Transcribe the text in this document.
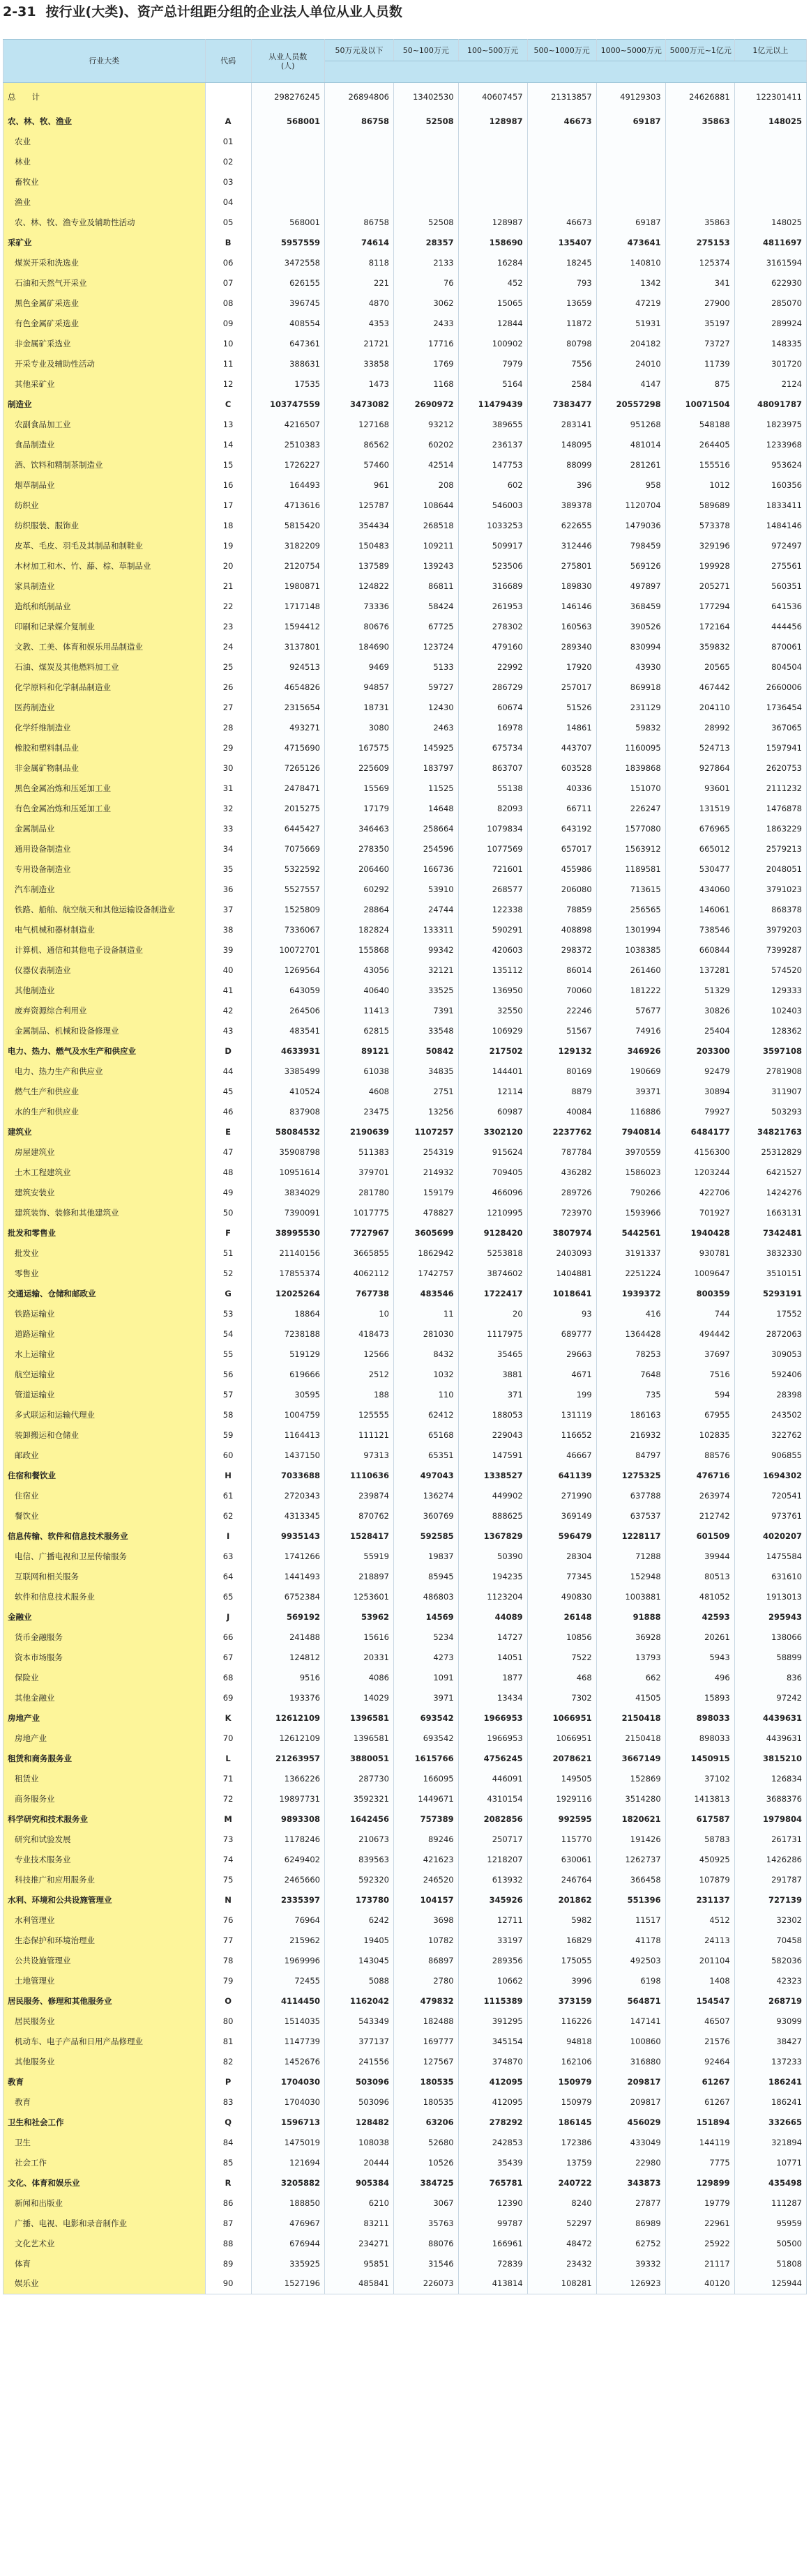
2-31 按行业(大类)、资产总计组距分组的企业法人单位从业人员数
行业大类	代码	从业人员数
(人)	50万元及以下	50~100万元	100~500万元	500~1000万元	1000~5000万元	5000万元~1亿元	1亿元以上

总　　计		298276245	26894806	13402530	40607457	21313857	49129303	24626881	122301411
农、林、牧、渔业	A	568001	86758	52508	128987	46673	69187	35863	148025
农业	01								
林业	02								
畜牧业	03								
渔业	04								
农、林、牧、渔专业及辅助性活动	05	568001	86758	52508	128987	46673	69187	35863	148025
采矿业	B	5957559	74614	28357	158690	135407	473641	275153	4811697
煤炭开采和洗选业	06	3472558	8118	2133	16284	18245	140810	125374	3161594
石油和天然气开采业	07	626155	221	76	452	793	1342	341	622930
黑色金属矿采选业	08	396745	4870	3062	15065	13659	47219	27900	285070
有色金属矿采选业	09	408554	4353	2433	12844	11872	51931	35197	289924
非金属矿采选业	10	647361	21721	17716	100902	80798	204182	73727	148335
开采专业及辅助性活动	11	388631	33858	1769	7979	7556	24010	11739	301720
其他采矿业	12	17535	1473	1168	5164	2584	4147	875	2124
制造业	C	103747559	3473082	2690972	11479439	7383477	20557298	10071504	48091787
农副食品加工业	13	4216507	127168	93212	389655	283141	951268	548188	1823975
食品制造业	14	2510383	86562	60202	236137	148095	481014	264405	1233968
酒、饮料和精制茶制造业	15	1726227	57460	42514	147753	88099	281261	155516	953624
烟草制品业	16	164493	961	208	602	396	958	1012	160356
纺织业	17	4713616	125787	108644	546003	389378	1120704	589689	1833411
纺织服装、服饰业	18	5815420	354434	268518	1033253	622655	1479036	573378	1484146
皮革、毛皮、羽毛及其制品和制鞋业	19	3182209	150483	109211	509917	312446	798459	329196	972497
木材加工和木、竹、藤、棕、草制品业	20	2120754	137589	139243	523506	275801	569126	199928	275561
家具制造业	21	1980871	124822	86811	316689	189830	497897	205271	560351
造纸和纸制品业	22	1717148	73336	58424	261953	146146	368459	177294	641536
印刷和记录媒介复制业	23	1594412	80676	67725	278302	160563	390526	172164	444456
文教、工美、体育和娱乐用品制造业	24	3137801	184690	123724	479160	289340	830994	359832	870061
石油、煤炭及其他燃料加工业	25	924513	9469	5133	22992	17920	43930	20565	804504
化学原料和化学制品制造业	26	4654826	94857	59727	286729	257017	869918	467442	2660006
医药制造业	27	2315654	18731	12430	60674	51526	231129	204110	1736454
化学纤维制造业	28	493271	3080	2463	16978	14861	59832	28992	367065
橡胶和塑料制品业	29	4715690	167575	145925	675734	443707	1160095	524713	1597941
非金属矿物制品业	30	7265126	225609	183797	863707	603528	1839868	927864	2620753
黑色金属冶炼和压延加工业	31	2478471	15569	11525	55138	40336	151070	93601	2111232
有色金属冶炼和压延加工业	32	2015275	17179	14648	82093	66711	226247	131519	1476878
金属制品业	33	6445427	346463	258664	1079834	643192	1577080	676965	1863229
通用设备制造业	34	7075669	278350	254596	1077569	657017	1563912	665012	2579213
专用设备制造业	35	5322592	206460	166736	721601	455986	1189581	530477	2048051
汽车制造业	36	5527557	60292	53910	268577	206080	713615	434060	3791023
铁路、船舶、航空航天和其他运输设备制造业	37	1525809	28864	24744	122338	78859	256565	146061	868378
电气机械和器材制造业	38	7336067	182824	133311	590291	408898	1301994	738546	3979203
计算机、通信和其他电子设备制造业	39	10072701	155868	99342	420603	298372	1038385	660844	7399287
仪器仪表制造业	40	1269564	43056	32121	135112	86014	261460	137281	574520
其他制造业	41	643059	40640	33525	136950	70060	181222	51329	129333
废弃资源综合利用业	42	264506	11413	7391	32550	22246	57677	30826	102403
金属制品、机械和设备修理业	43	483541	62815	33548	106929	51567	74916	25404	128362
电力、热力、燃气及水生产和供应业	D	4633931	89121	50842	217502	129132	346926	203300	3597108
电力、热力生产和供应业	44	3385499	61038	34835	144401	80169	190669	92479	2781908
燃气生产和供应业	45	410524	4608	2751	12114	8879	39371	30894	311907
水的生产和供应业	46	837908	23475	13256	60987	40084	116886	79927	503293
建筑业	E	58084532	2190639	1107257	3302120	2237762	7940814	6484177	34821763
房屋建筑业	47	35908798	511383	254319	915624	787784	3970559	4156300	25312829
土木工程建筑业	48	10951614	379701	214932	709405	436282	1586023	1203244	6421527
建筑安装业	49	3834029	281780	159179	466096	289726	790266	422706	1424276
建筑装饰、装修和其他建筑业	50	7390091	1017775	478827	1210995	723970	1593966	701927	1663131
批发和零售业	F	38995530	7727967	3605699	9128420	3807974	5442561	1940428	7342481
批发业	51	21140156	3665855	1862942	5253818	2403093	3191337	930781	3832330
零售业	52	17855374	4062112	1742757	3874602	1404881	2251224	1009647	3510151
交通运输、仓储和邮政业	G	12025264	767738	483546	1722417	1018641	1939372	800359	5293191
铁路运输业	53	18864	10	11	20	93	416	744	17552
道路运输业	54	7238188	418473	281030	1117975	689777	1364428	494442	2872063
水上运输业	55	519129	12566	8432	35465	29663	78253	37697	309053
航空运输业	56	619666	2512	1032	3881	4671	7648	7516	592406
管道运输业	57	30595	188	110	371	199	735	594	28398
多式联运和运输代理业	58	1004759	125555	62412	188053	131119	186163	67955	243502
装卸搬运和仓储业	59	1164413	111121	65168	229043	116652	216932	102835	322762
邮政业	60	1437150	97313	65351	147591	46667	84797	88576	906855
住宿和餐饮业	H	7033688	1110636	497043	1338527	641139	1275325	476716	1694302
住宿业	61	2720343	239874	136274	449902	271990	637788	263974	720541
餐饮业	62	4313345	870762	360769	888625	369149	637537	212742	973761
信息传输、软件和信息技术服务业	I	9935143	1528417	592585	1367829	596479	1228117	601509	4020207
电信、广播电视和卫星传输服务	63	1741266	55919	19837	50390	28304	71288	39944	1475584
互联网和相关服务	64	1441493	218897	85945	194235	77345	152948	80513	631610
软件和信息技术服务业	65	6752384	1253601	486803	1123204	490830	1003881	481052	1913013
金融业	J	569192	53962	14569	44089	26148	91888	42593	295943
货币金融服务	66	241488	15616	5234	14727	10856	36928	20261	138066
资本市场服务	67	124812	20331	4273	14051	7522	13793	5943	58899
保险业	68	9516	4086	1091	1877	468	662	496	836
其他金融业	69	193376	14029	3971	13434	7302	41505	15893	97242
房地产业	K	12612109	1396581	693542	1966953	1066951	2150418	898033	4439631
房地产业	70	12612109	1396581	693542	1966953	1066951	2150418	898033	4439631
租赁和商务服务业	L	21263957	3880051	1615766	4756245	2078621	3667149	1450915	3815210
租赁业	71	1366226	287730	166095	446091	149505	152869	37102	126834
商务服务业	72	19897731	3592321	1449671	4310154	1929116	3514280	1413813	3688376
科学研究和技术服务业	M	9893308	1642456	757389	2082856	992595	1820621	617587	1979804
研究和试验发展	73	1178246	210673	89246	250717	115770	191426	58783	261731
专业技术服务业	74	6249402	839563	421623	1218207	630061	1262737	450925	1426286
科技推广和应用服务业	75	2465660	592320	246520	613932	246764	366458	107879	291787
水利、环境和公共设施管理业	N	2335397	173780	104157	345926	201862	551396	231137	727139
水利管理业	76	76964	6242	3698	12711	5982	11517	4512	32302
生态保护和环境治理业	77	215962	19405	10782	33197	16829	41178	24113	70458
公共设施管理业	78	1969996	143045	86897	289356	175055	492503	201104	582036
土地管理业	79	72455	5088	2780	10662	3996	6198	1408	42323
居民服务、修理和其他服务业	O	4114450	1162042	479832	1115389	373159	564871	154547	268719
居民服务业	80	1514035	543349	182488	391295	116226	147141	46507	93099
机动车、电子产品和日用产品修理业	81	1147739	377137	169777	345154	94818	100860	21576	38427
其他服务业	82	1452676	241556	127567	374870	162106	316880	92464	137233
教育	P	1704030	503096	180535	412095	150979	209817	61267	186241
教育	83	1704030	503096	180535	412095	150979	209817	61267	186241
卫生和社会工作	Q	1596713	128482	63206	278292	186145	456029	151894	332665
卫生	84	1475019	108038	52680	242853	172386	433049	144119	321894
社会工作	85	121694	20444	10526	35439	13759	22980	7775	10771
文化、体育和娱乐业	R	3205882	905384	384725	765781	240722	343873	129899	435498
新闻和出版业	86	188850	6210	3067	12390	8240	27877	19779	111287
广播、电视、电影和录音制作业	87	476967	83211	35763	99787	52297	86989	22961	95959
文化艺术业	88	676944	234271	88076	166961	48472	62752	25922	50500
体育	89	335925	95851	31546	72839	23432	39332	21117	51808
娱乐业	90	1527196	485841	226073	413814	108281	126923	40120	125944
